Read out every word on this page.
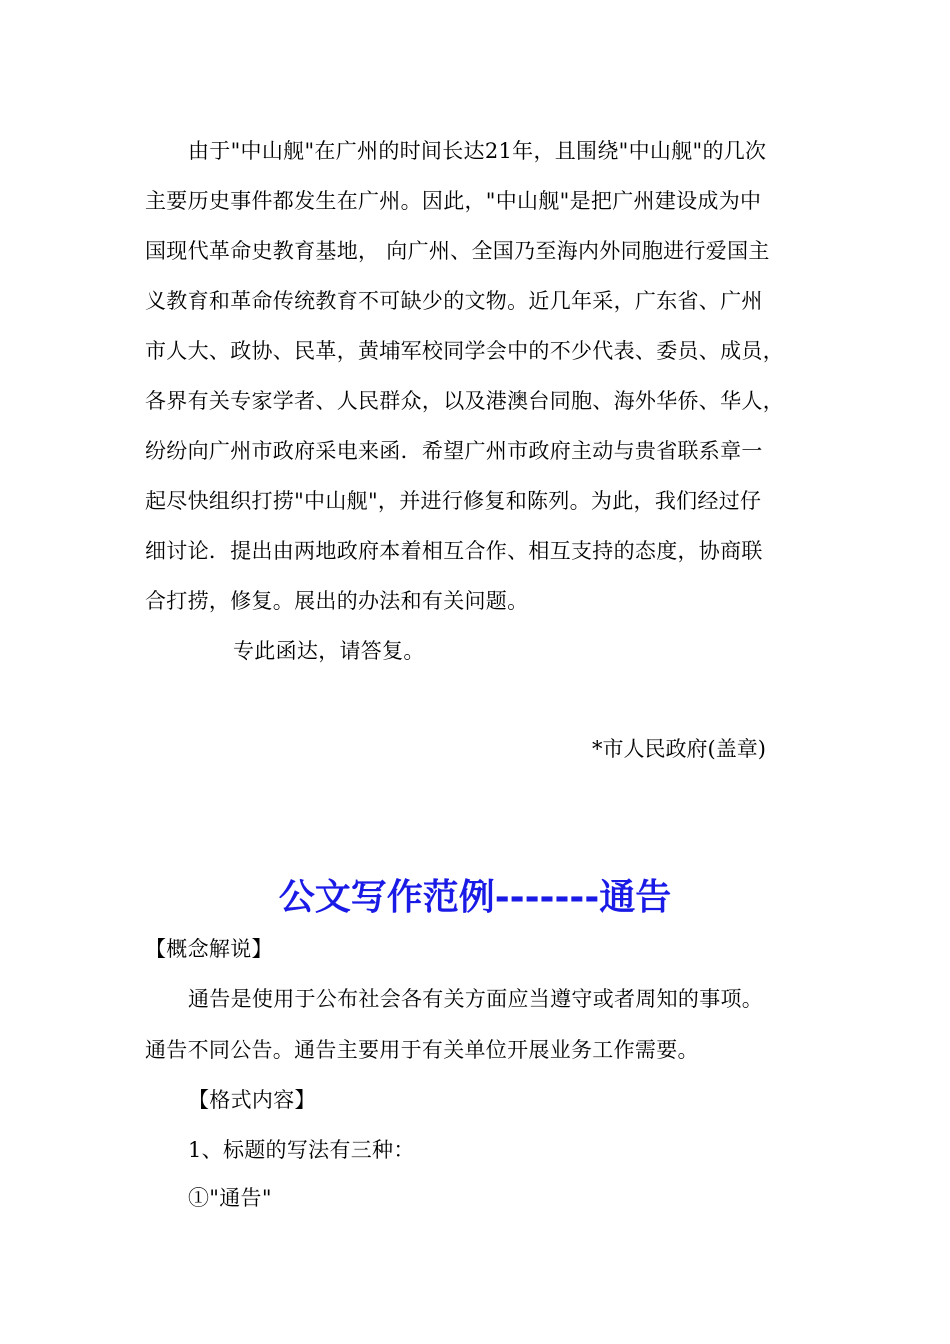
由于"中山舰"在广州的时间长达21年，且围绕"中山舰"的几次
主要历史事件都发生在广州。因此，"中山舰"是把广州建设成为中
国现代革命史教育基地， 向广州、全国乃至海内外同胞进行爱国主
义教育和革命传统教育不可缺少的文物。近几年采，广东省、广州
市人大、政协、民革，黄埔军校同学会中的不少代表、委员、成员，
各界有关专家学者、人民群众，以及港澳台同胞、海外华侨、华人，
纷纷向广州市政府采电来函．希望广州市政府主动与贵省联系章一
起尽快组织打捞"中山舰"，并进行修复和陈列。为此，我们经过仔
细讨论．提出由两地政府本着相互合作、相互支持的态度，协商联
合打捞，修复。展出的办法和有关问题。
专此函达，请答复。
*市人民政府(盖章)
公文写作范例-------通告
【概念解说】
通告是使用于公布社会各有关方面应当遵守或者周知的事项。
通告不同公告。通告主要用于有关单位开展业务工作需要。
【格式内容】
1、标题的写法有三种：
①"通告"
